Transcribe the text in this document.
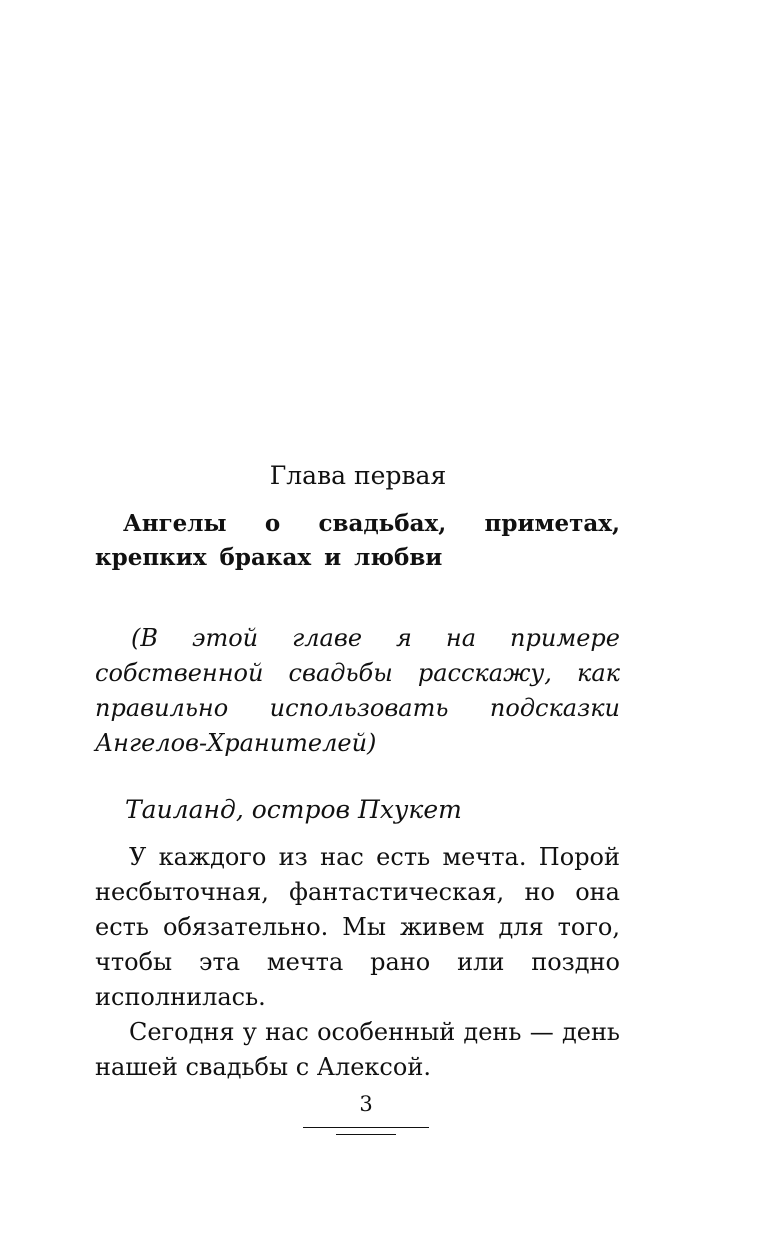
Глава первая
Ангелы о свадьбах, приметах, крепких браках и любви
(В этой главе я на примере собственной свадьбы расскажу, как правильно использовать подсказки Ангелов-Хранителей)
Таиланд, остров Пхукет

У каждого из нас есть мечта. Порой несбыточная, фантастическая, но она есть обязательно. Мы живем для того, чтобы эта мечта рано или поздно исполнилась.

Сегодня у нас особенный день — день нашей свадьбы с Алексой.

3
